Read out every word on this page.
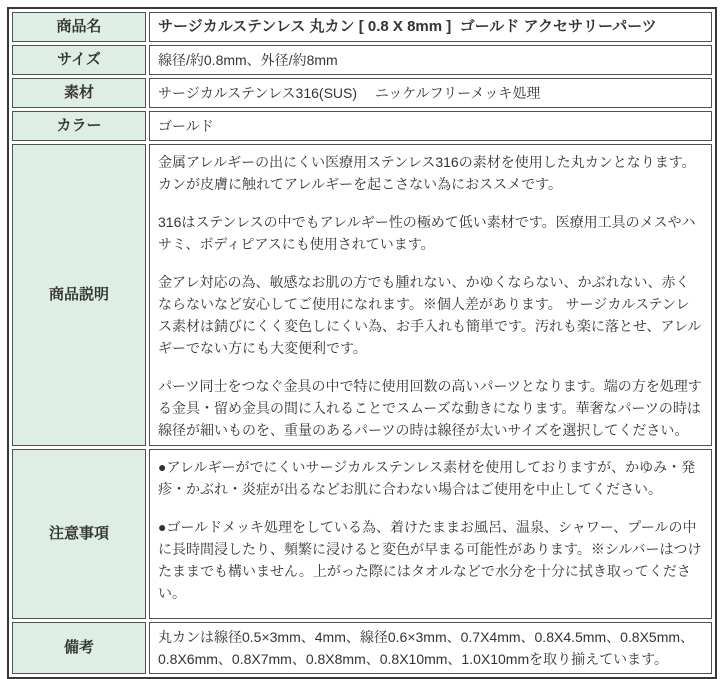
商品名	サージカルステンレス 丸カン [ 0.8 X 8mm ]  ゴールド アクセサリーパーツ
サイズ	線径/約0.8mm、外径/約8mm
素材	サージカルステンレス316(SUS)　 ニッケルフリーメッキ処理
カラー	ゴールド
商品説明	金属アレルギーの出にくい医療用ステンレス316の素材を使用した丸カンとなります。カンが皮膚に触れてアレルギーを起こさない為におススメです。

316はステンレスの中でもアレルギー性の極めて低い素材です。医療用工具のメスやハサミ、ボディピアスにも使用されています。

金アレ対応の為、敏感なお肌の方でも腫れない、かゆくならない、かぶれない、赤くならないなど安心してご使用になれます。※個人差があります。 サージカルステンレス素材は錆びにくく変色しにくい為、お手入れも簡単です。汚れも楽に落とせ、アレルギーでない方にも大変便利です。

パーツ同士をつなぐ金具の中で特に使用回数の高いパーツとなります。端の方を処理する金具・留め金具の間に入れることでスムーズな動きになります。華奢なパーツの時は線径が細いものを、重量のあるパーツの時は線径が太いサイズを選択してください。

注意事項	●アレルギーがでにくいサージカルステンレス素材を使用しておりますが、かゆみ・発疹・かぶれ・炎症が出るなどお肌に合わない場合はご使用を中止してください。

●ゴールドメッキ処理をしている為、着けたままお風呂、温泉、シャワー、プールの中に長時間浸したり、頻繁に浸けると変色が早まる可能性があります。※シルバーはつけたままでも構いません。上がった際にはタオルなどで水分を十分に拭き取ってください。

備考	丸カンは線径0.5×3mm、4mm、線径0.6×3mm、0.7X4mm、0.8X4.5mm、0.8X5mm、0.8X6mm、0.8X7mm、0.8X8mm、0.8X10mm、1.0X10mmを取り揃えています。
